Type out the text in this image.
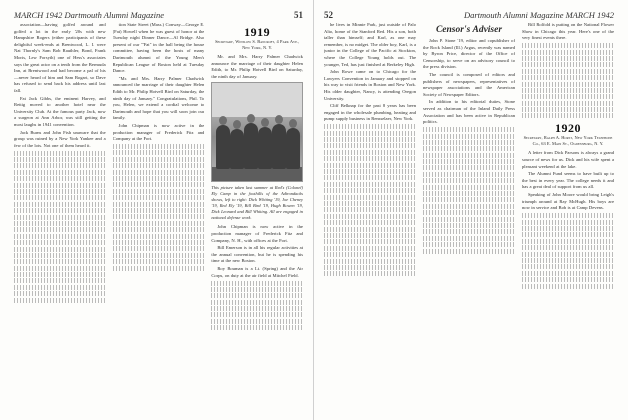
MARCH 1942 Dartmouth Alumni Magazine	51

association—having golfed around and golfed a lot in the early '20s with new Hampshire Rogers (either participants of these delightful week-ends at Brentwood, L. I. were Nat Thornly's Sam Bob Rauthler, Bond, Frank Moris, Lew Forsyth) one of Hess's associates says the great actor on a tenth from the Bermuda Inn, at Brentwood and had become a pal of his—never heard of him and Sam Bogart, so Dave has refused to send back his address until last fall.

Fat Jack Gibbs, the eminent Harvey, and Rettig moved to another hotel near the University Club. At the famous party Jack, now a surgeon at Ann Arbor, was still getting the most laughs in 1941 convention.

Jack Burns and John Fish unaware that the group was ruined by a New York Yankee and a few of the lots. Not one of them heard it.

tion State Street (Mass.) Conway—George E. (Fat) Howell when he was guest of honor at the Tuesday night Dinner Dance—Al Bridge. Also present of our "'Fat" in the hall being the house committee, having been the hosts of many Dartmouth alumni of the Young Men's Republican League of Boston held at Tuesday Dance.

"Mr. and Mrs. Harry Palmer Chadwick announced the marriage of their daughter Helen Edith to Mr. Philip Hotvell Bird on Saturday, the ninth day of January." Congratulations, Phil. To you, Helen, we extend a cordial welcome to Dartmouth and hope that you will soon join our family.

John Chipman is now active in the production manager of Frederick Fitz and Company at the Fort.

1919
Secretary, Winslow S. Bancroft, 4 Park Ave., New York, N. Y.

Mr. and Mrs. Harry Palmer Chadwick announce the marriage of their daughter Helen Edith, to Mr. Philip Hotvell Bird on Saturday, the ninth day of January.

This picture taken last summer at Red's (Colonel) Ely Camp in the foothills of the Adirondacks shows, left to right: Dick Whiting '19, Joe Cheney '19, Red Ely '19, Bill Bird '19, Hugh Bowen '19, Dick Leonard and Bill Whiting. All are engaged in national defense work.

John Chipman is now active in the production manager of Frederick Fitz and Company, N. H., with offices at the Fort.

Bill Emerson is in all his regular activities at the annual convention, but he is spending his time at the new Boston.

Roy Bouman is a Lt. (Spring) and the Air Corps, on duty at the air field at Mitchel Field.

52	Dartmouth Alumni Magazine MARCH 1942

he lives in Minnie Park, just outside of Palo Alto, home of the Stanford Red. His a son, both taller than himself; and Karl, as one may remember, is no midget. The older boy, Karl, is a junior in the College of the Pacific at Stockton, where the College Young holds out. The younger, Ted, has just finished at Berkeley High.

John Rowe came on to Chicago for the Lawyers Convention in January and stopped on his way to visit friends in Boston and New York. His older daughter, Nancy, is attending Oregon University.

Cliff Belknap for the past 8 years has been engaged in the wholesale plumbing, heating and pump supply business in Rensselaer, New York.

Censor's Adviser

John P. Stone '19, editor and copublisher of the Rock Island (Ill.) Argus, recently was named by Byron Price, director of the Office of Censorship, to serve on an advisory council to the press division.

The council is composed of editors and publishers of newspapers, representatives of newspaper associations and the American Society of Newspaper Editors.

In addition to his editorial duties, Stone served as chairman of the Inland Daily Press Association and has been active in Republican politics.

Bill Rolfold is putting on the National Flower Show in Chicago this year. Here's one of the very finest events there.

1920
Secretary, Ralph A. Horst, New York Telephone Co., 63 E. Main St., Ogdensburg, N. Y.

A letter from Dick Parsons is always a grand source of news for us. Dick and his wife spent a pleasant weekend at the lake.

The Alumni Fund seems to have built up to the best in every year. The college needs it and has a great deal of support from us all.

Speaking of John Moore would bring Leigh's triumph around at Ray McHugh. His boys are now in service and Bob is at Camp Devens.
